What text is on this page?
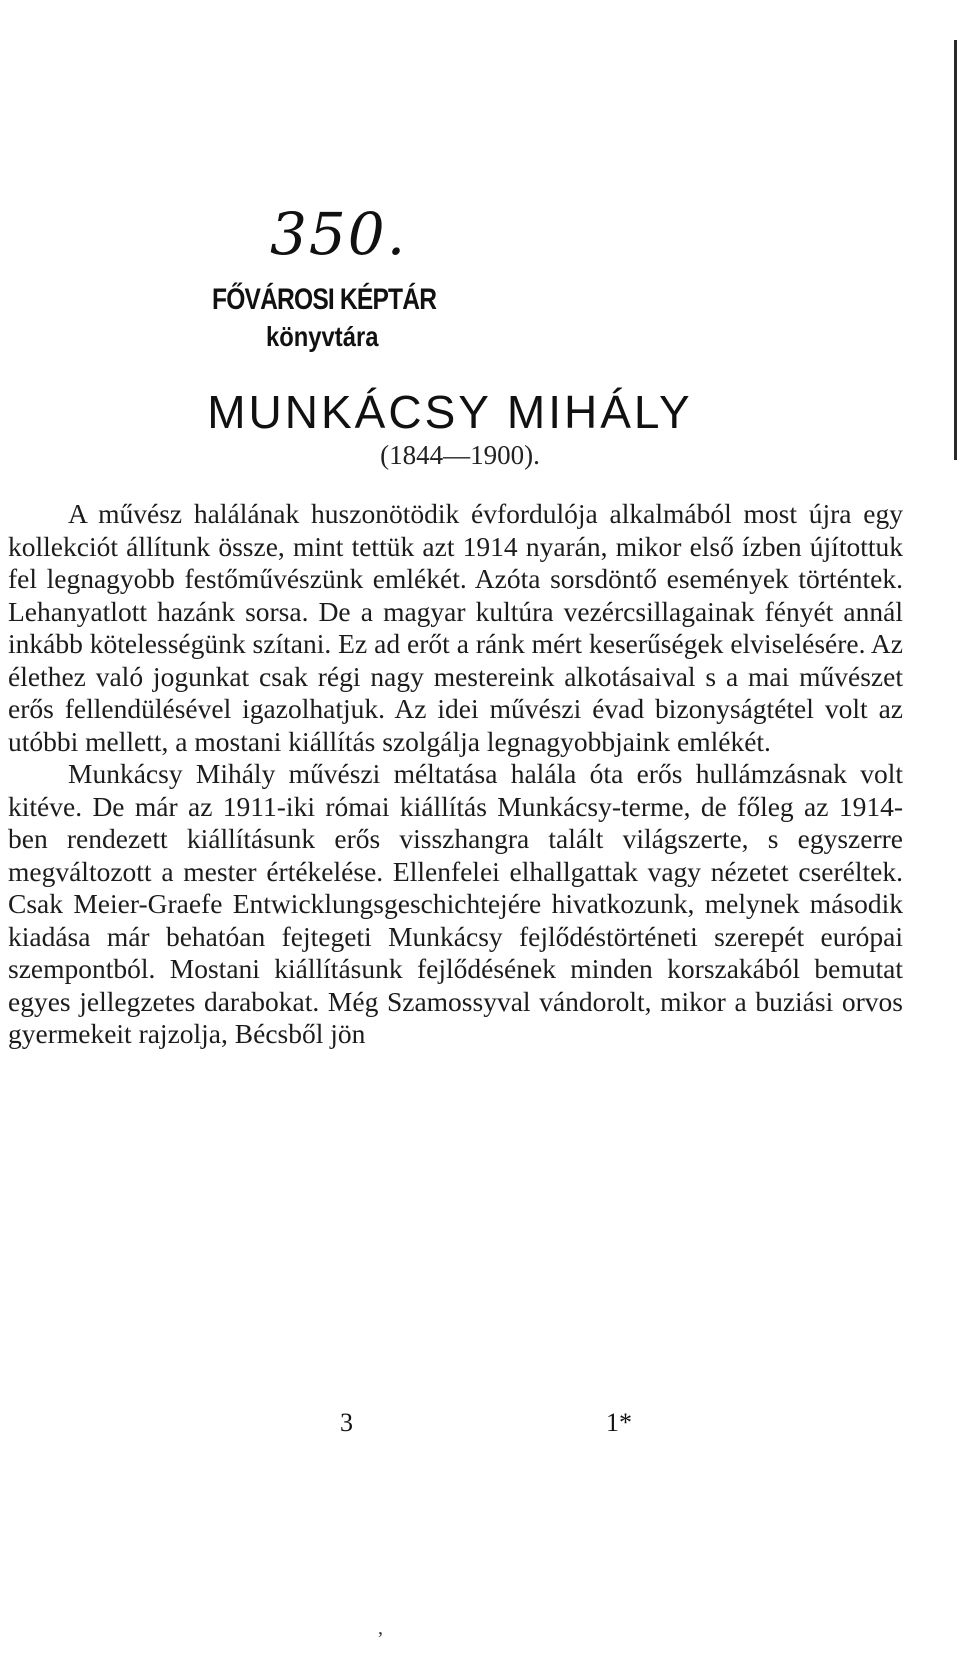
350.
FŐVÁROSI KÉPTÁR
könyvtára
MUNKÁCSY MIHÁLY
(1844—1900).

A művész halálának huszonötödik évfordulója alkalmából most újra egy kollekciót állítunk össze, mint tettük azt 1914 nyarán, mikor első ízben újítottuk fel legnagyobb festőművészünk emlékét. Azóta sorsdöntő események történtek. Lehanyatlott hazánk sorsa. De a magyar kultúra vezércsillagainak fényét annál inkább kötelességünk szítani. Ez ad erőt a ránk mért keserűségek elviselésére. Az élethez való jogunkat csak régi nagy mestereink alkotásaival s a mai művészet erős fellendülésével igazolhatjuk. Az idei művészi évad bizonyságtétel volt az utóbbi mellett, a mostani kiállítás szolgálja legnagyobbjaink emlékét.

Munkácsy Mihály művészi méltatása halála óta erős hullámzásnak volt kitéve. De már az 1911-iki római kiállítás Munkácsy-terme, de főleg az 1914-ben rendezett kiállításunk erős visszhangra talált világszerte, s egyszerre megváltozott a mester értékelése. Ellenfelei elhallgattak vagy nézetet cseréltek. Csak Meier-Graefe Entwicklungsgeschichtejére hivatkozunk, melynek második kiadása már behatóan fejtegeti Munkácsy fejlődéstörténeti szerepét európai szempontból. Mostani kiállításunk fejlődésének minden korszakából bemutat egyes jellegzetes darabokat. Még Szamossyval vándorolt, mikor a buziási orvos gyermekeit rajzolja, Bécsből jön

3	1*
,
